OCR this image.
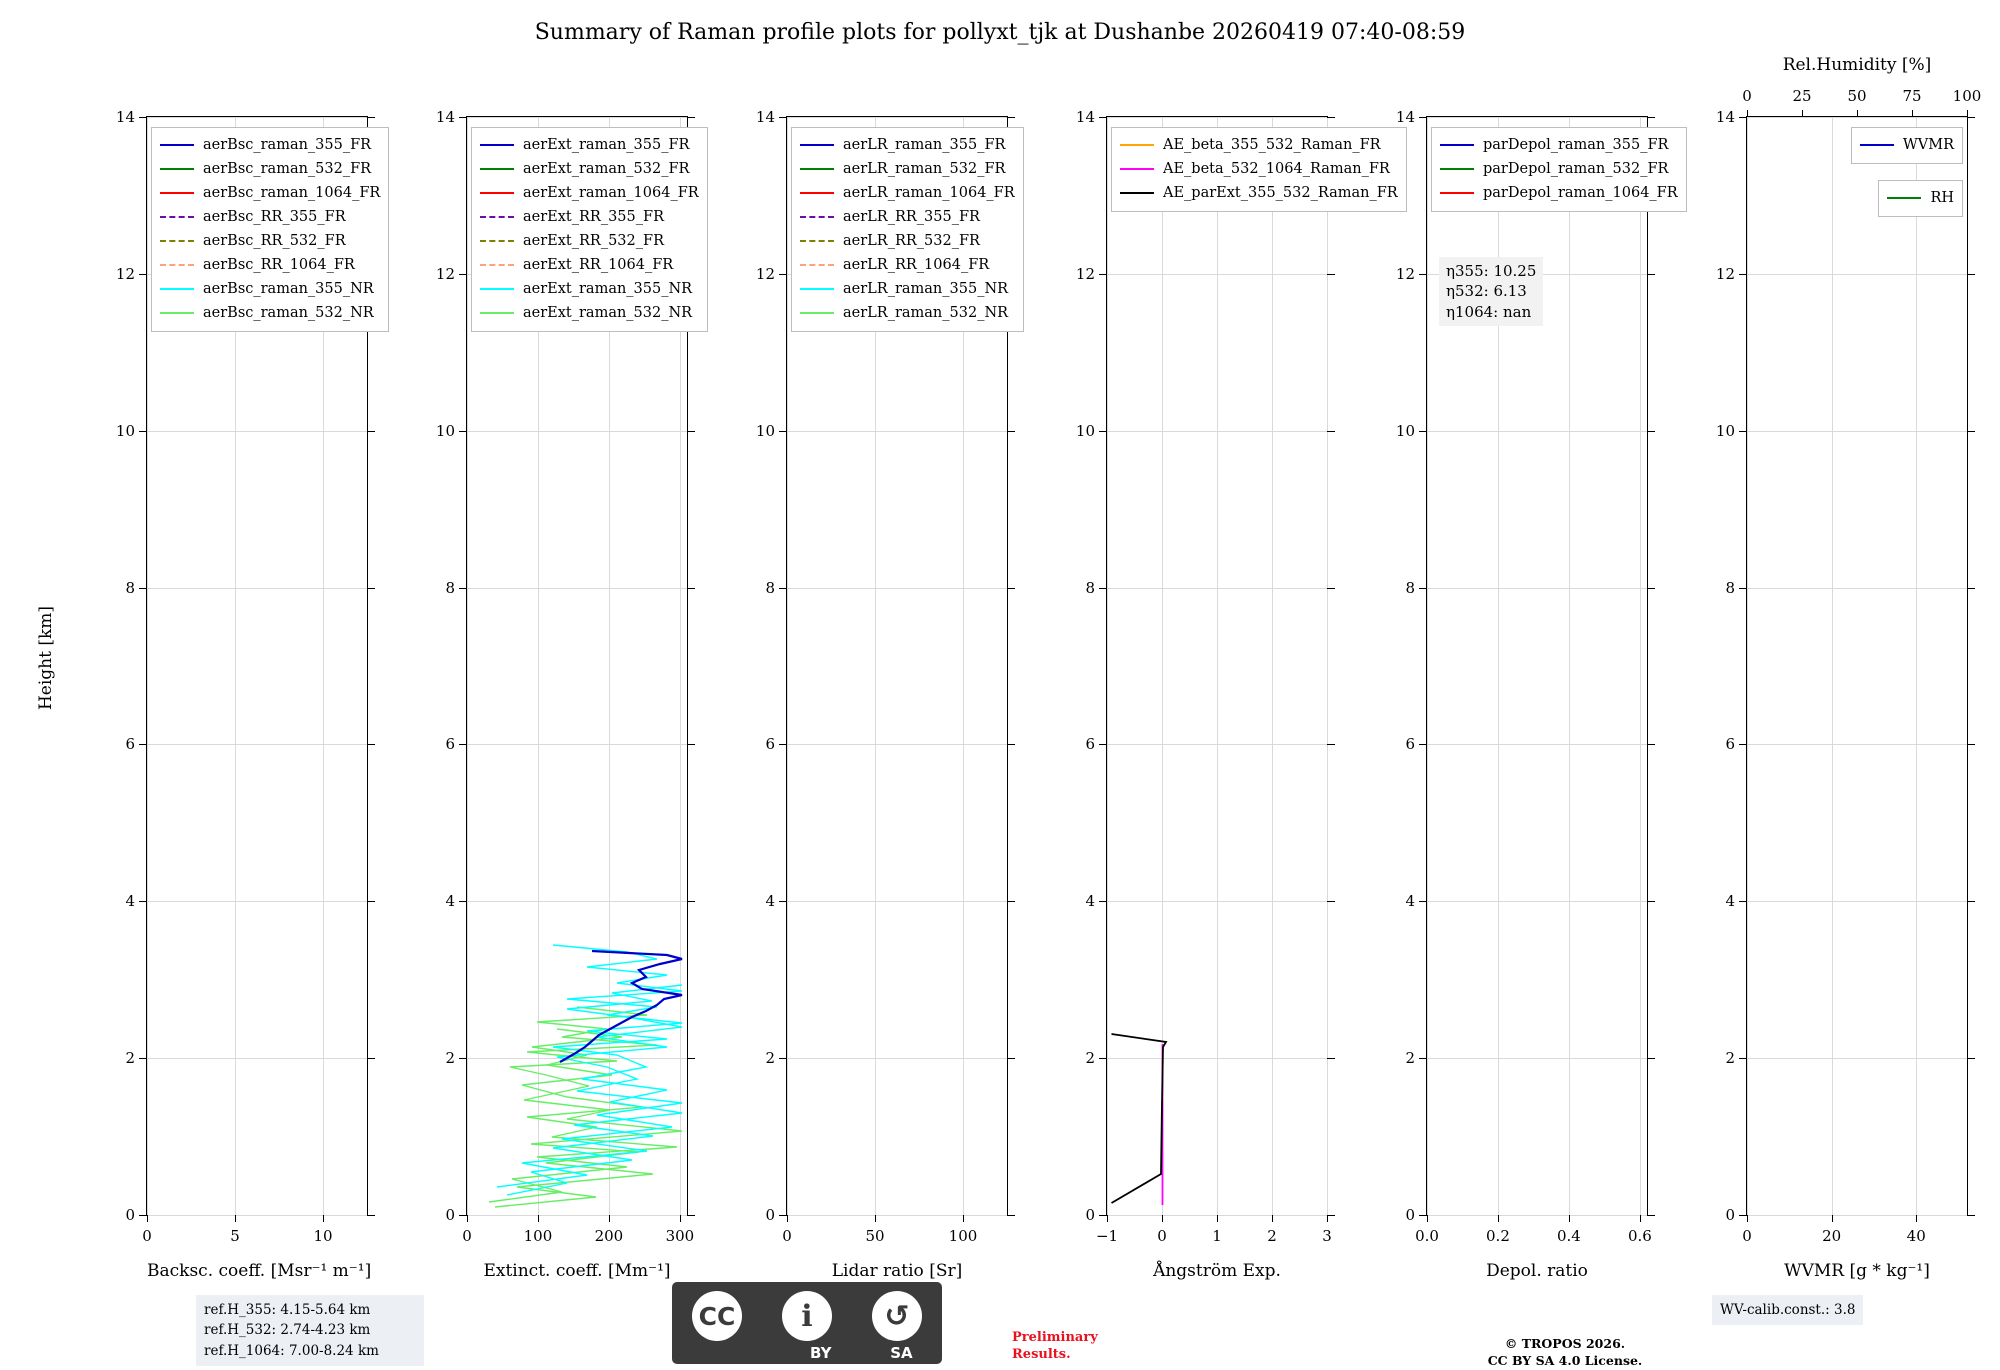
Summary of Raman profile plots for pollyxt_tjk at Dushanbe 20260419 07:40-08:59
Height [km]
0
2
4
6
8
10
12
14
0	5	10
Backsc. coeff. [Msr⁻¹ m⁻¹]
aerBsc_raman_355_FR
aerBsc_raman_532_FR
aerBsc_raman_1064_FR
aerBsc_RR_355_FR
aerBsc_RR_532_FR
aerBsc_RR_1064_FR
aerBsc_raman_355_NR
aerBsc_raman_532_NR
0
2
4
6
8
10
12
14
0	100	200	300
Extinct. coeff. [Mm⁻¹]
aerExt_raman_355_FR
aerExt_raman_532_FR
aerExt_raman_1064_FR
aerExt_RR_355_FR
aerExt_RR_532_FR
aerExt_RR_1064_FR
aerExt_raman_355_NR
aerExt_raman_532_NR
0
2
4
6
8
10
12
14
0	50	100
Lidar ratio [Sr]
aerLR_raman_355_FR
aerLR_raman_532_FR
aerLR_raman_1064_FR
aerLR_RR_355_FR
aerLR_RR_532_FR
aerLR_RR_1064_FR
aerLR_raman_355_NR
aerLR_raman_532_NR
0
2
4
6
8
10
12
14
−1	0	1	2	3
Ångström Exp.
AE_beta_355_532_Raman_FR
AE_beta_532_1064_Raman_FR
AE_parExt_355_532_Raman_FR
0
2
4
6
8
10
12
14
0.0	0.2	0.4	0.6
Depol. ratio
η355: 10.25
η532: 6.13
η1064: nan
parDepol_raman_355_FR
parDepol_raman_532_FR
parDepol_raman_1064_FR
0
2
4
6
8
10
12
14
0	20	40
WVMR [g * kg⁻¹]
0	25 50 75 100
Rel.Humidity [%]
WVMR
RH
ref.H_355: 4.15-5.64 km
ref.H_532: 2.74-4.23 km
ref.H_1064: 7.00-8.24 km
CC	ℹ	↺
BY	SA
Preliminary
Results.
© TROPOS 2026.
CC BY SA 4.0 License.
WV-calib.const.: 3.8
